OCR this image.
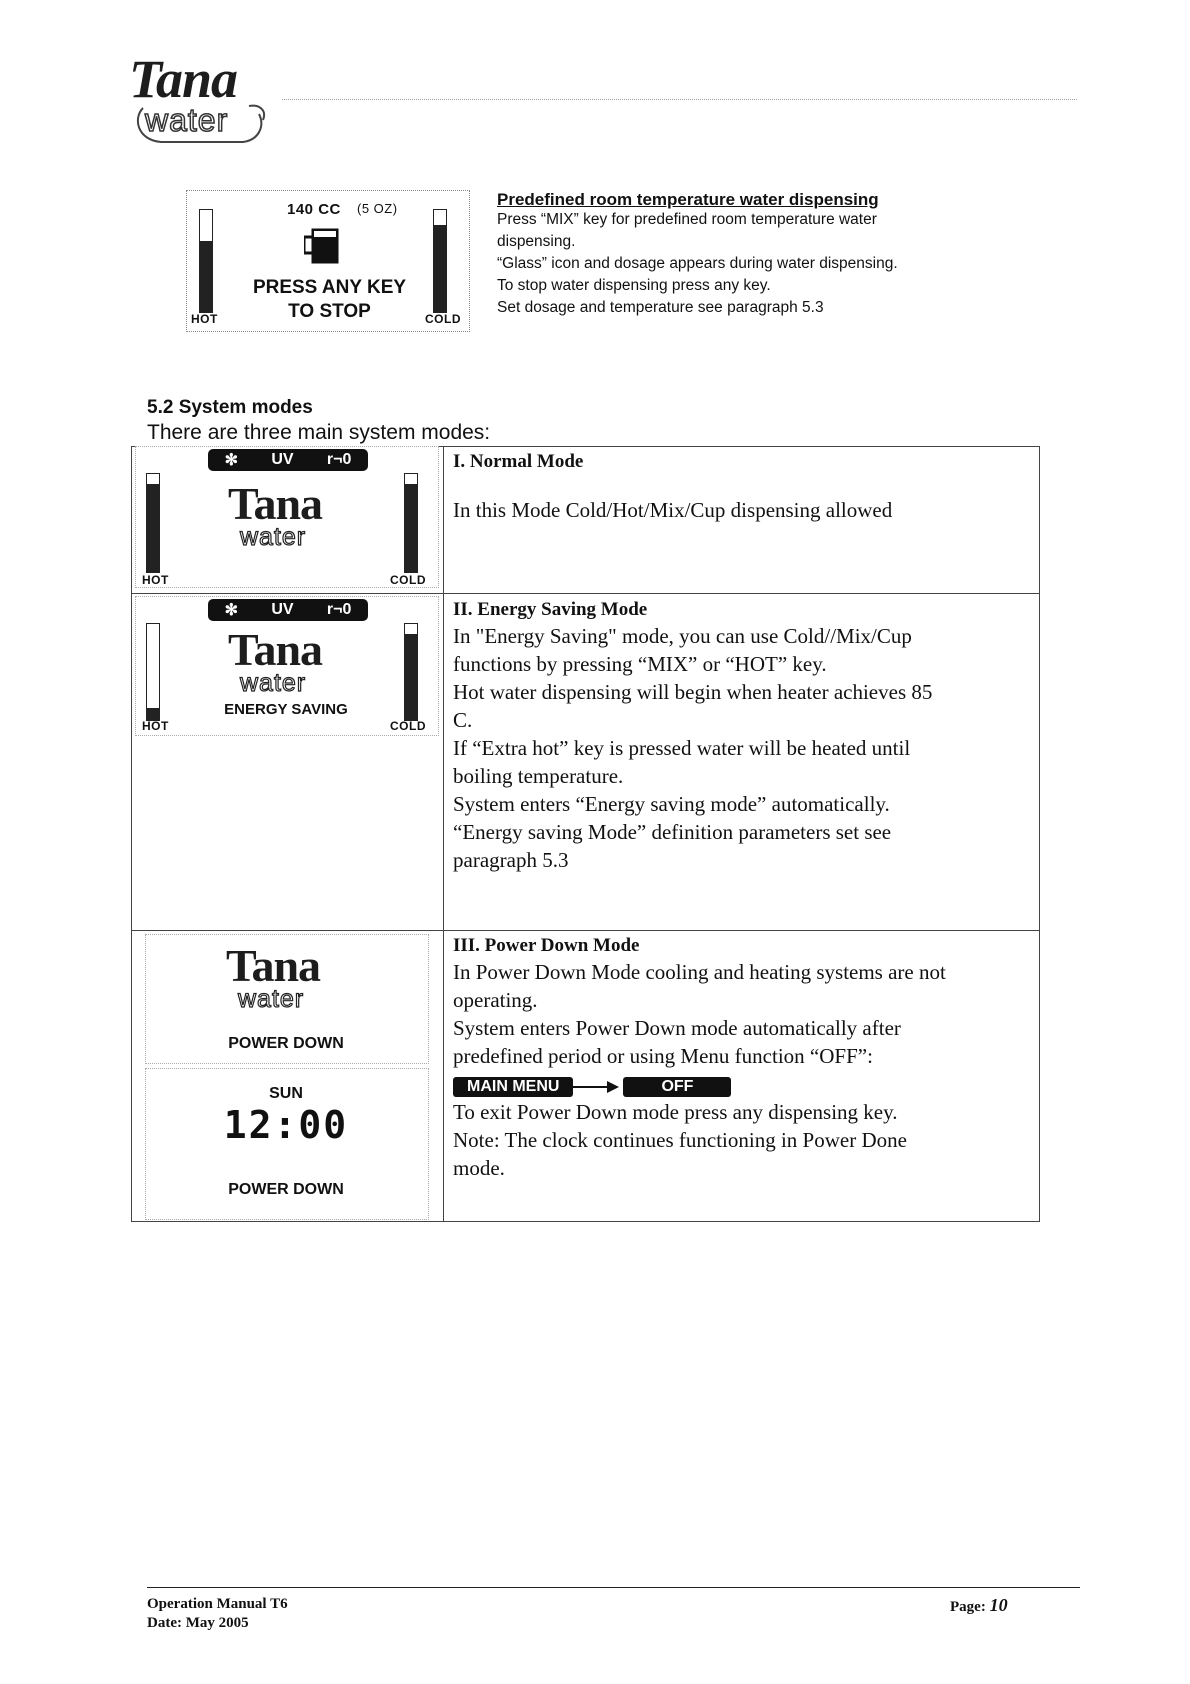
Tana
water
140 CC (5 OZ)
PRESS ANY KEY
TO STOP
HOT	COLD
Predefined room temperature water dispensing
Press “MIX” key for predefined room temperature water
dispensing.
“Glass” icon and dosage appears during water dispensing.
To stop water dispensing press any key.
Set dosage and temperature see paragraph 5.3
5.2 System modes
There are three main system modes:
✻ UV r¬0
Tana
water
HOT	COLD
I. Normal Mode
In this Mode Cold/Hot/Mix/Cup dispensing allowed
✻ UV r¬0
Tana
water
ENERGY SAVING
HOT	COLD
II. Energy Saving Mode
In "Energy Saving" mode, you can use Cold//Mix/Cup
functions by pressing “MIX” or “HOT” key.
Hot water dispensing will begin when heater achieves 85
C.
If “Extra hot” key is pressed water will be heated until
boiling temperature.
System enters “Energy saving mode” automatically.
“Energy saving Mode” definition parameters set see
paragraph 5.3
Tana
water
POWER DOWN
SUN
12:00
POWER DOWN
III. Power Down Mode
In Power Down Mode cooling and heating systems are not
operating.
System enters Power Down mode automatically after
predefined period or using Menu function “OFF”:
MAIN MENU	OFF
To exit Power Down mode press any dispensing key.
Note: The clock continues functioning in Power Done
mode.
Operation Manual T6
Date: May 2005
Page: 10
